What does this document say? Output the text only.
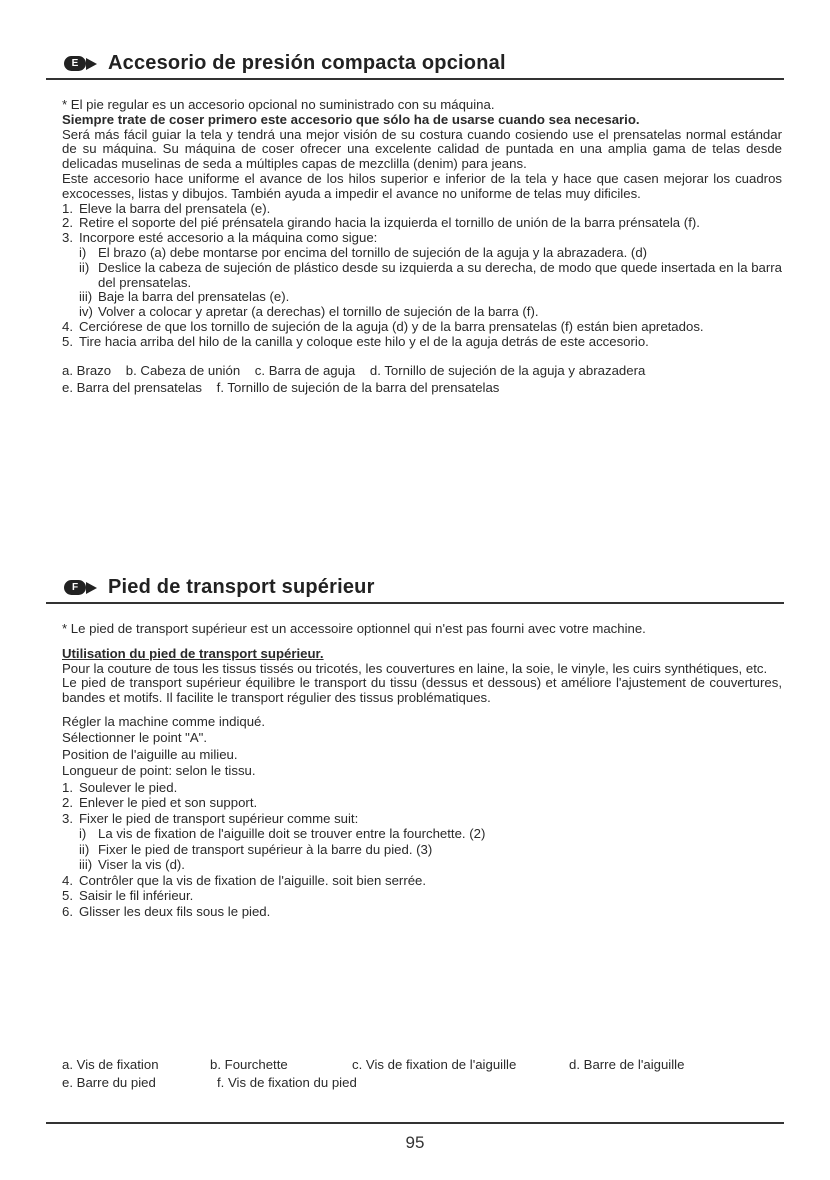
E	Accesorio de presión compacta opcional

* El pie regular es un accesorio opcional no suministrado con su máquina.

Siempre trate de coser primero este accesorio que sólo ha de usarse cuando sea necesario.

Será más fácil guiar la tela y tendrá una mejor visión de su costura cuando cosiendo use el prensatelas normal estándar de su máquina. Su máquina de coser ofrecer una excelente calidad de puntada en una amplia gama de telas desde delicadas muselinas de seda a múltiples capas de mezclilla (denim) para jeans.

Este accesorio hace uniforme el avance de los hilos superior e inferior de la tela y hace que casen mejorar los cuadros excocesses, listas y dibujos. También ayuda a impedir el avance no uniforme de telas muy dificiles.

1. Eleve la barra del prensatela (e).
2. Retire el soporte del pié prénsatela girando hacia la izquierda el tornillo de unión de la barra prénsatela (f).
3. Incorpore esté accesorio a la máquina como sigue:
i) El brazo (a) debe montarse por encima del tornillo de sujeción de la aguja y la abrazadera. (d)
ii) Deslice la cabeza de sujeción de plástico desde su izquierda a su derecha, de modo que quede insertada en la barra del prensatelas.
iii) Baje la barra del prensatelas (e).
iv) Volver a colocar y apretar (a derechas) el tornillo de sujeción de la barra (f).
4. Cerciórese de que los tornillo de sujeción de la aguja (d) y de la barra prensatelas (f) están bien apretados.
5. Tire hacia arriba del hilo de la canilla y coloque este hilo y el de la aguja detrás de este accesorio.

a. Brazo    b. Cabeza de unión    c. Barra de aguja    d. Tornillo de sujeción de la aguja y abrazadera

e. Barra del prensatelas    f. Tornillo de sujeción de la barra del prensatelas

F	Pied de transport supérieur

* Le pied de transport supérieur est un accessoire optionnel qui n'est pas fourni avec votre machine.

Utilisation du pied de transport supérieur.

Pour la couture de tous les tissus tissés ou tricotés, les couvertures en laine, la soie, le vinyle, les cuirs synthétiques, etc.

Le pied de transport supérieur équilibre le transport du tissu (dessus et dessous) et améliore l'ajustement de couvertures, bandes et motifs. Il facilite le transport régulier des tissus problématiques.

Régler la machine comme indiqué.

Sélectionner le point "A".

Position de l'aiguille au milieu.

Longueur de point: selon le tissu.

1. Soulever le pied.
2. Enlever le pied et son support.
3. Fixer le pied de transport supérieur comme suit:
i) La vis de fixation de l'aiguille doit se trouver entre la fourchette. (2)
ii) Fixer le pied de transport supérieur à la barre du pied. (3)
iii) Viser la vis (d).
4. Contrôler que la vis de fixation de l'aiguille. soit bien serrée.
5. Saisir le fil inférieur.
6. Glisser les deux fils sous le pied.
a. Vis de fixation	b. Fourchette	c. Vis de fixation de l'aiguille	d. Barre de l'aiguille
e. Barre du pied	f. Vis de fixation du pied
95
